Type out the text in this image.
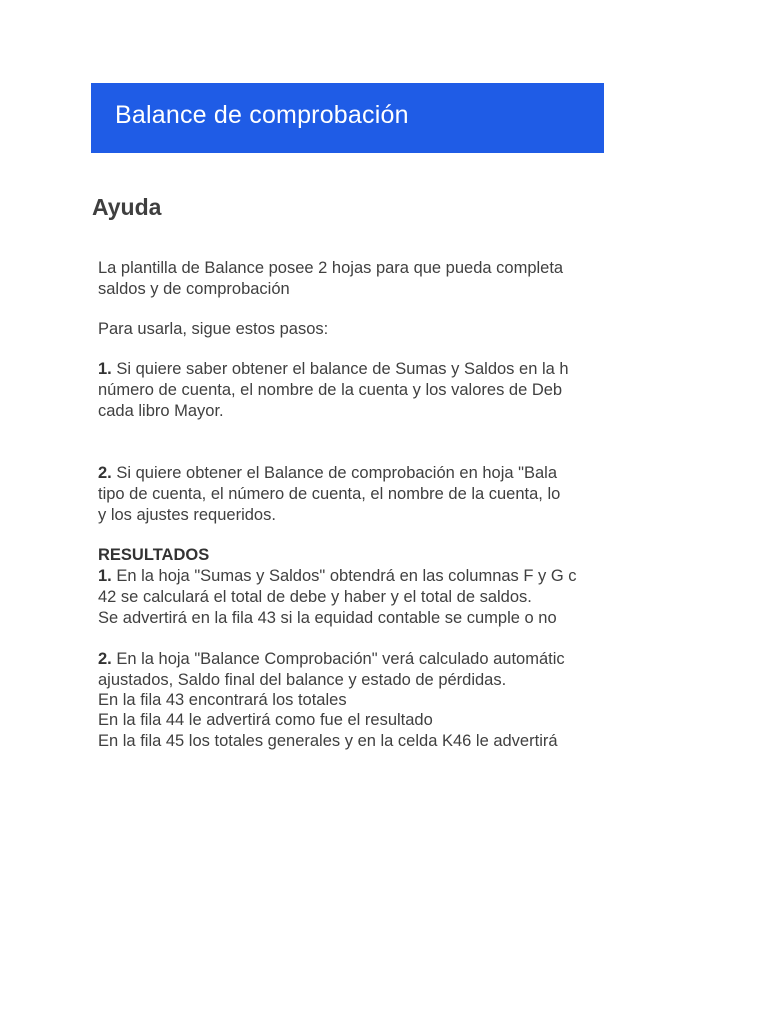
Balance de comprobación
Ayuda
La plantilla de Balance posee 2 hojas para que pueda completa
saldos y de comprobación
Para usarla, sigue estos pasos:
1. Si quiere saber obtener el balance de Sumas y Saldos en la h
número de cuenta, el nombre de la cuenta y los valores de Deb
cada libro Mayor.
2. Si quiere obtener el Balance de comprobación en hoja "Bala
tipo de cuenta, el número de cuenta, el nombre de la cuenta, lo
y los ajustes requeridos.
RESULTADOS
1. En la hoja "Sumas y Saldos" obtendrá en las columnas F y G c
42 se calculará el total de debe y haber y el total de saldos.
Se advertirá en la fila 43 si la equidad contable se cumple o no
2. En la hoja "Balance Comprobación" verá calculado automátic
ajustados, Saldo final del balance y estado de pérdidas.
En la fila 43 encontrará los totales
En la fila 44 le advertirá como fue el resultado
En la fila 45 los totales generales y en la celda K46 le advertirá
